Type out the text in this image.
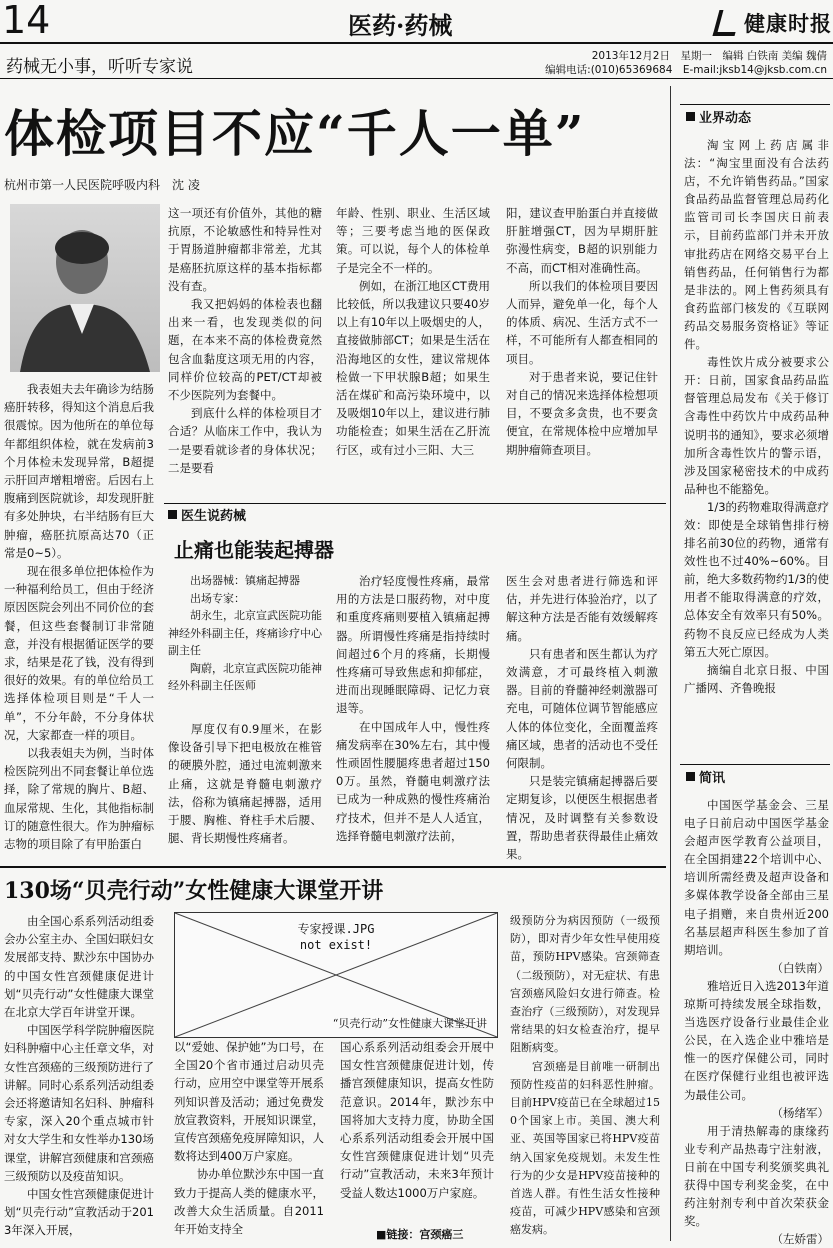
14	医药·药械	健康时报
药械无小事，听听专家说
2013年12月2日　星期一　编辑 白铁南 美编 魏倩
编辑电话:(010)65369684　E-mail:jksb14@jksb.com.cn
体检项目不应“千人一单”
杭州市第一人民医院呼吸内科　沈 凌

我表姐夫去年确诊为结肠癌肝转移，得知这个消息后我很震惊。因为他所在的单位每年都组织体检，就在发病前3个月体检未发现异常，B超提示肝回声增粗增密。后因右上腹痛到医院就诊，却发现肝脏有多处肿块，右半结肠有巨大肿瘤，癌胚抗原高达70（正常是0~5）。

现在很多单位把体检作为一种福利给员工，但由于经济原因医院会列出不同价位的套餐，但这些套餐制订非常随意，并没有根据循证医学的要求，结果是花了钱，没有得到很好的效果。有的单位给员工选择体检项目则是“千人一单”，不分年龄，不分身体状况，大家都查一样的项目。

以我表姐夫为例，当时体检医院列出不同套餐让单位选择，除了常规的胸片、B超、血尿常规、生化，其他指标制订的随意性很大。作为肿瘤标志物的项目除了有甲胎蛋白

这一项还有价值外，其他的糖抗原，不论敏感性和特异性对于胃肠道肿瘤都非常差，尤其是癌胚抗原这样的基本指标都没有查。

我又把妈妈的体检表也翻出来一看，也发现类似的问题，在本来不高的体检费竟然包含血黏度这项无用的内容，同样价位较高的PET/CT却被不少医院列为套餐中。

到底什么样的体检项目才合适？从临床工作中，我认为一是要看就诊者的身体状况；二是要看

年龄、性别、职业、生活区域等；三要考虑当地的医保政策。可以说，每个人的体检单子是完全不一样的。

例如，在浙江地区CT费用比较低，所以我建议只要40岁以上有10年以上吸烟史的人，直接做肺部CT；如果是生活在沿海地区的女性，建议常规体检做一下甲状腺B超；如果生活在煤矿和高污染环境中，以及吸烟10年以上，建议进行肺功能检查；如果生活在乙肝流行区，或有过小三阳、大三

阳，建议查甲胎蛋白并直接做肝脏增强CT，因为早期肝脏弥漫性病变，B超的识别能力不高，而CT相对准确性高。

所以我们的体检项目要因人而异，避免单一化，每个人的体质、病况、生活方式不一样，不可能所有人都查相同的项目。

对于患者来说，要记住针对自己的情况来选择体检想项目，不要贪多贪贵，也不要贪便宜，在常规体检中应增加早期肿瘤筛查项目。

医生说药械
止痛也能装起搏器

出场器械：镇痛起搏器

出场专家：

胡永生，北京宣武医院功能神经外科副主任，疼痛诊疗中心副主任

陶蔚，北京宣武医院功能神经外科副主任医师

厚度仅有0.9厘米，在影像设备引导下把电极放在椎管的硬膜外腔，通过电流刺激来止痛，这就是脊髓电刺激疗法，俗称为镇痛起搏器，适用于腰、胸椎、脊柱手术后腰、腿、背长期慢性疼痛者。

治疗轻度慢性疼痛，最常用的方法是口服药物，对中度和重度疼痛则要植入镇痛起搏器。所谓慢性疼痛是指持续时间超过6个月的疼痛，长期慢性疼痛可导致焦虑和抑郁症，进而出现睡眠障碍、记忆力衰退等。

在中国成年人中，慢性疼痛发病率在30%左右，其中慢性顽固性腰腿疼患者超过1500万。虽然，脊髓电刺激疗法已成为一种成熟的慢性疼痛治疗技术，但并不是人人适宜，选择脊髓电刺激疗法前，

医生会对患者进行筛选和评估，并先进行体验治疗，以了解这种方法是否能有效缓解疼痛。

只有患者和医生都认为疗效满意，才可最终植入刺激器。目前的脊髓神经刺激器可充电，可随体位调节智能感应人体的体位变化，全面覆盖疼痛区域，患者的活动也不受任何限制。

只是装完镇痛起搏器后要定期复诊，以便医生根据患者情况，及时调整有关参数设置，帮助患者获得最佳止痛效果。

130场“贝壳行动”女性健康大课堂开讲

由全国心系系列活动组委会办公室主办、全国妇联妇女发展部支持、默沙东中国协办的中国女性宫颈健康促进计划“贝壳行动”女性健康大课堂在北京大学百年讲堂开课。

中国医学科学院肿瘤医院妇科肿瘤中心主任章文华，对女性宫颈癌的三级预防进行了讲解。同时心系系列活动组委会还将邀请知名妇科、肿瘤科专家，深入20个重点城市针对女大学生和女性举办130场课堂，讲解宫颈健康和宫颈癌三级预防以及疫苗知识。

中国女性宫颈健康促进计划“贝壳行动”宣教活动于2013年深入开展，

专家授课.JPG
not exist!
“贝壳行动”女性健康大课堂开讲

以“爱她、保护她”为口号，在全国20个省市通过启动贝壳行动，应用空中课堂等开展系列知识普及活动；通过免费发放宣教资料，开展知识课堂，宣传宫颈癌免疫屏障知识，人数将达到400万户家庭。

协办单位默沙东中国一直致力于提高人类的健康水平，改善大众生活质量。自2011年开始支持全

国心系系列活动组委会开展中国女性宫颈健康促进计划，传播宫颈健康知识，提高女性防范意识。2014年，默沙东中国将加大支持力度，协助全国心系系列活动组委会开展中国女性宫颈健康促进计划“贝壳行动”宣教活动，未来3年预计受益人数达1000万户家庭。

■链接：宫颈癌三

级预防分为病因预防（一级预防），即对青少年女性早使用疫苗，预防HPV感染。宫颈筛查（二级预防），对无症状、有患宫颈癌风险妇女进行筛查。检查治疗（三级预防），对发现异常结果的妇女检查治疗，提早阻断病变。

宫颈癌是目前唯一研制出预防性疫苗的妇科恶性肿瘤。目前HPV疫苗已在全球超过150个国家上市。美国、澳大利亚、英国等国家已将HPV疫苗纳入国家免疫规划。未发生性行为的少女是HPV疫苗接种的首选人群。有性生活女性接种疫苗，可减少HPV感染和宫颈癌发病。

业界动态

淘宝网上药店属非法：“淘宝里面没有合法药店，不允许销售药品。”国家食品药品监督管理总局药化监管司司长李国庆日前表示，目前药监部门并未开放审批药店在网络交易平台上销售药品，任何销售行为都是非法的。网上售药须具有食药监部门核发的《互联网药品交易服务资格证》等证件。

毒性饮片成分被要求公开：日前，国家食品药品监督管理总局发布《关于修订含毒性中药饮片中成药品种说明书的通知》，要求必须增加所含毒性饮片的警示语，涉及国家秘密技术的中成药品种也不能豁免。

1/3的药物难取得满意疗效：即使是全球销售排行榜排名前30位的药物，通常有效性也不过40%~60%。目前，绝大多数药物约1/3的使用者不能取得满意的疗效，总体安全有效率只有50%。药物不良反应已经成为人类第五大死亡原因。

摘编自北京日报、中国广播网、齐鲁晚报

简讯

中国医学基金会、三星电子日前启动中国医学基金会超声医学教育公益项目，在全国捐建22个培训中心、培训所需经费及超声设备和多媒体教学设备全部由三星电子捐赠，来自贵州近200名基层超声科医生参加了首期培训。

（白铁南）

雅培近日入选2013年道琼斯可持续发展全球指数，当选医疗设备行业最佳企业公民，在入选企业中雅培是惟一的医疗保健公司，同时在医疗保健行业组也被评选为最佳公司。

（杨绪军）

用于清热解毒的康缘药业专利产品热毒宁注射液，日前在中国专利奖颁奖典礼获得中国专利奖金奖，在中药注射剂专利中首次荣获金奖。

（左娇雷）
